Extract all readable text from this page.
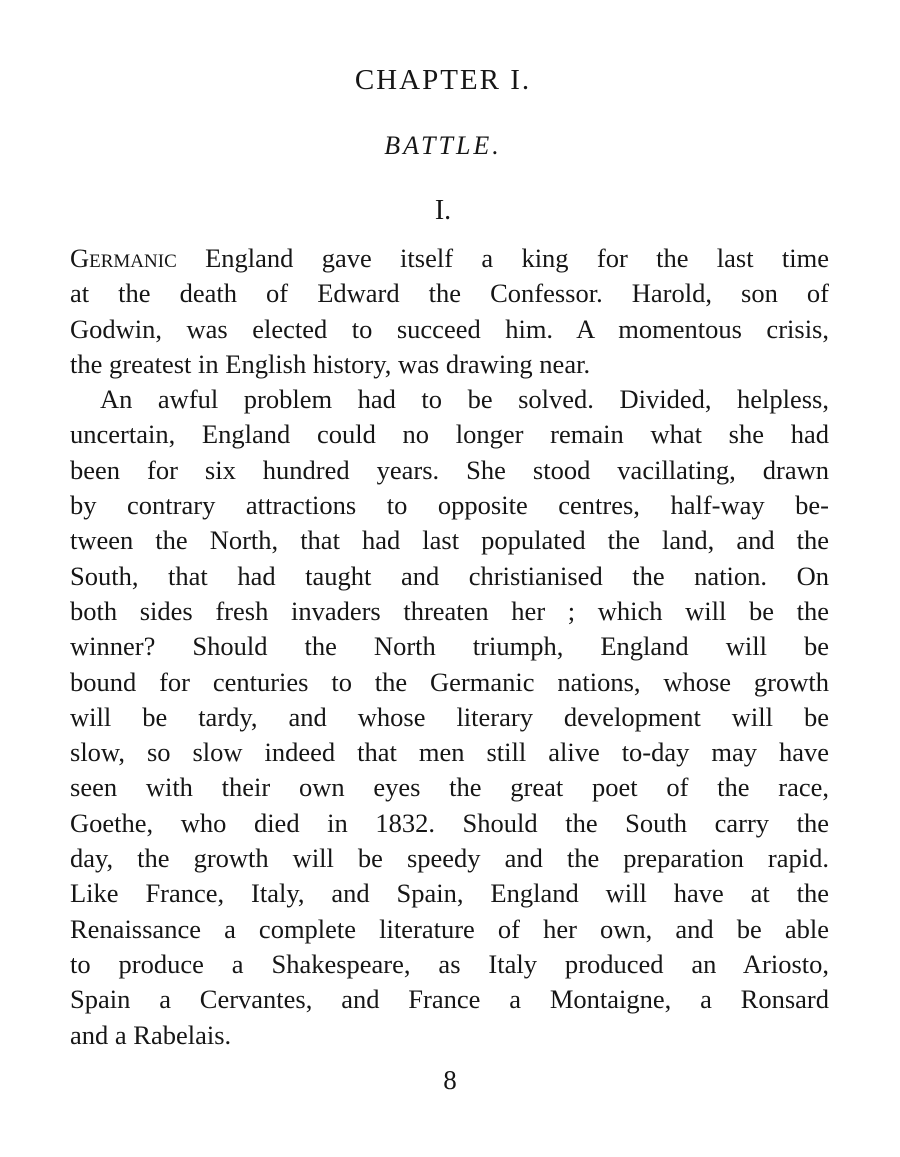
CHAPTER I.
BATTLE.
I.
Germanic England gave itself a king for the last time
at the death of Edward the Confessor. Harold, son of
Godwin, was elected to succeed him. A momentous crisis,
the greatest in English history, was drawing near.
An awful problem had to be solved. Divided, helpless,
uncertain, England could no longer remain what she had
been for six hundred years. She stood vacillating, drawn
by contrary attractions to opposite centres, half-way be-
tween the North, that had last populated the land, and the
South, that had taught and christianised the nation. On
both sides fresh invaders threaten her ; which will be the
winner? Should the North triumph, England will be
bound for centuries to the Germanic nations, whose growth
will be tardy, and whose literary development will be
slow, so slow indeed that men still alive to-day may have
seen with their own eyes the great poet of the race,
Goethe, who died in 1832. Should the South carry the
day, the growth will be speedy and the preparation rapid.
Like France, Italy, and Spain, England will have at the
Renaissance a complete literature of her own, and be able
to produce a Shakespeare, as Italy produced an Ariosto,
Spain a Cervantes, and France a Montaigne, a Ronsard
and a Rabelais.
8
